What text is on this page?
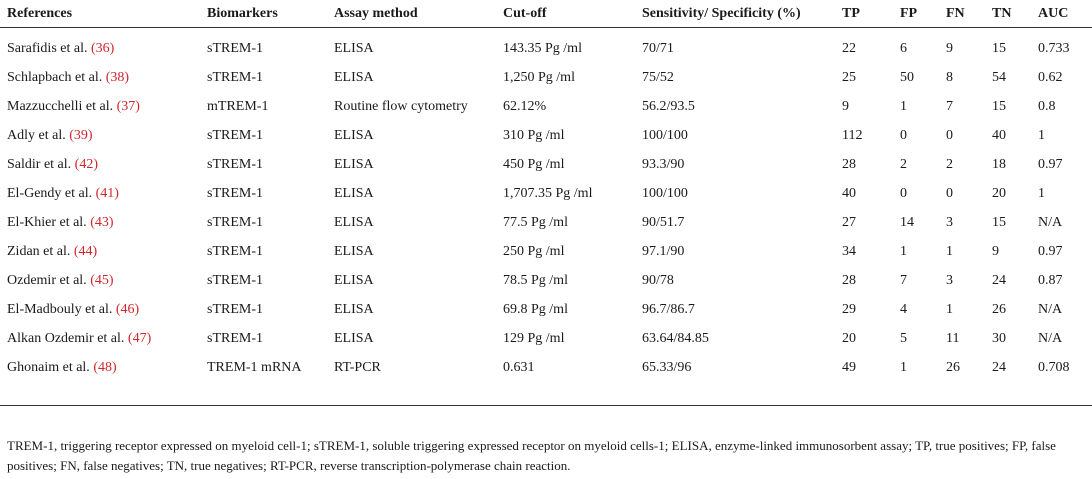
References	Biomarkers	Assay method	Cut-off	Sensitivity/ Specificity (%)	TP	FP	FN	TN	AUC
Sarafidis et al. (36)	sTREM-1	ELISA	143.35 Pg /ml	70/71	22	6	9	15	0.733
Schlapbach et al. (38)	sTREM-1	ELISA	1,250 Pg /ml	75/52	25	50	8	54	0.62
Mazzucchelli et al. (37)	mTREM-1	Routine flow cytometry	62.12%	56.2/93.5	9	1	7	15	0.8
Adly et al. (39)	sTREM-1	ELISA	310 Pg /ml	100/100	112	0	0	40	1
Saldir et al. (42)	sTREM-1	ELISA	450 Pg /ml	93.3/90	28	2	2	18	0.97
El-Gendy et al. (41)	sTREM-1	ELISA	1,707.35 Pg /ml	100/100	40	0	0	20	1
El-Khier et al. (43)	sTREM-1	ELISA	77.5 Pg /ml	90/51.7	27	14	3	15	N/A
Zidan et al. (44)	sTREM-1	ELISA	250 Pg /ml	97.1/90	34	1	1	9	0.97
Ozdemir et al. (45)	sTREM-1	ELISA	78.5 Pg /ml	90/78	28	7	3	24	0.87
El-Madbouly et al. (46)	sTREM-1	ELISA	69.8 Pg /ml	96.7/86.7	29	4	1	26	N/A
Alkan Ozdemir et al. (47)	sTREM-1	ELISA	129 Pg /ml	63.64/84.85	20	5	11	30	N/A
Ghonaim et al. (48)	TREM-1 mRNA	RT-PCR	0.631	65.33/96	49	1	26	24	0.708
TREM-1, triggering receptor expressed on myeloid cell-1; sTREM-1, soluble triggering expressed receptor on myeloid cells-1; ELISA, enzyme-linked immunosorbent assay; TP, true positives; FP, false positives; FN, false negatives; TN, true negatives; RT-PCR, reverse transcription-polymerase chain reaction.
